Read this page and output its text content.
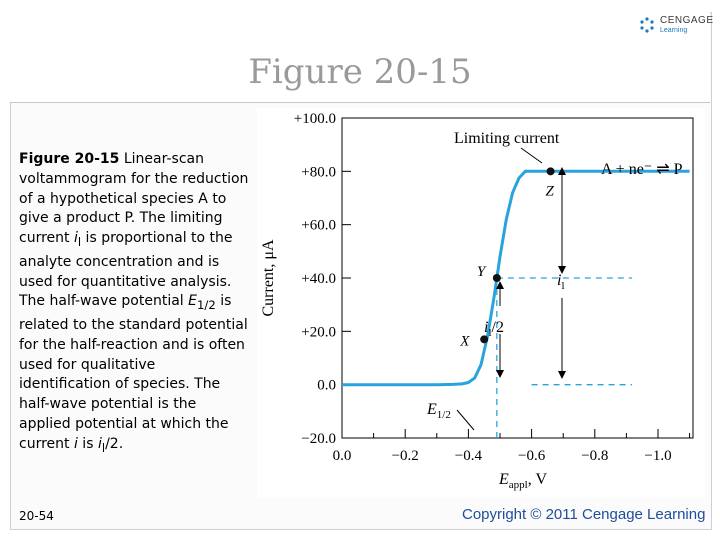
Figure 20-15
CENGAGE
Learning
Figure 20-15 Linear-scan voltammogram for the reduction of a hypothetical species A to give a product P. The limiting current $i_l$ is proportional to the analyte concentration and is used for quantitative analysis. The half-wave potential $E_{1/2}$ is related to the standard potential for the half-reaction and is often used for qualitative identification of species. The half-wave potential is the applied potential at which the current i is $i_l/2$.
+100.0
+80.0
+60.0
+40.0
+20.0
0.0
−20.0
0.0	−0.2 −0.4 −0.6 −0.8 −1.0
X
Y
Z
Limiting current
A + ne⁻ ⇌ P
$i_l$
$i_l/2$
$E_{1/2}$
Current, μA
$E_{appl}$, V
20-54	Copyright © 2011 Cengage Learning
